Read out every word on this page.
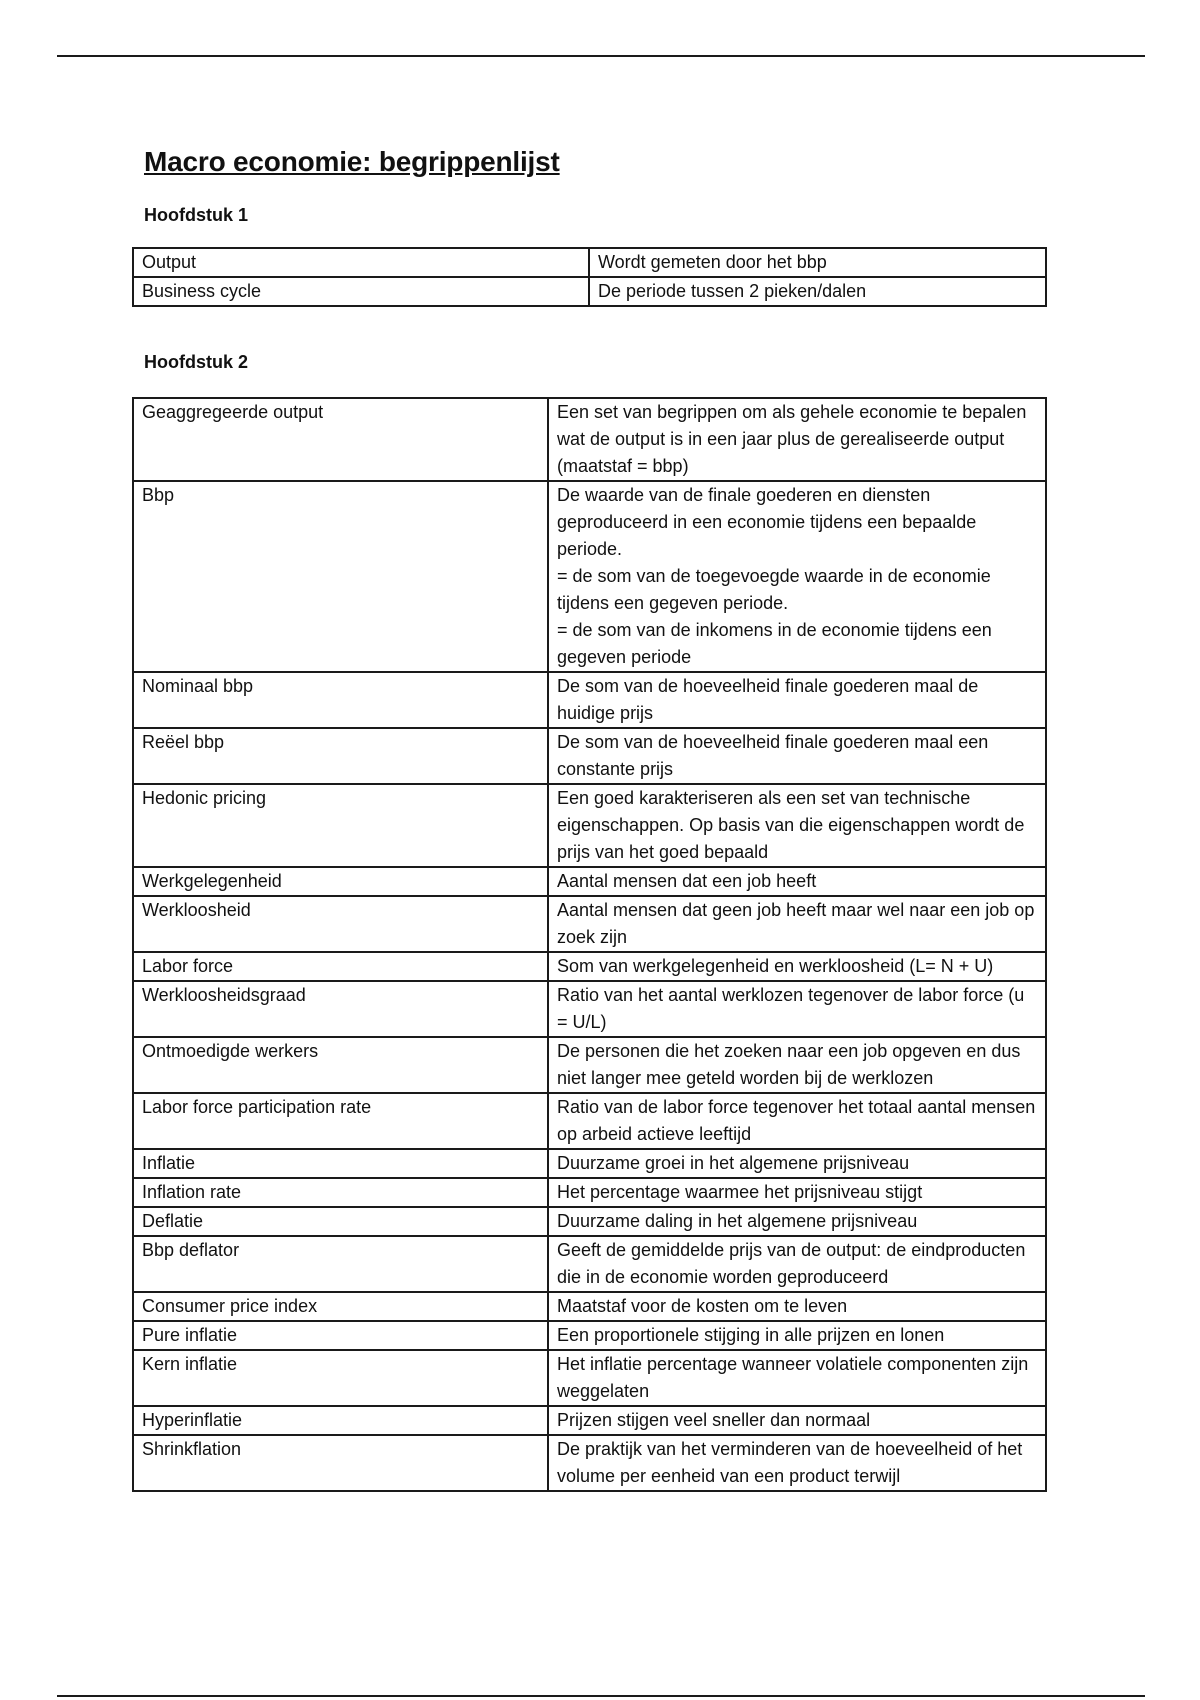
Macro economie: begrippenlijst
Hoofdstuk 1
Output	Wordt gemeten door het bbp
Business cycle	De periode tussen 2 pieken/dalen
Hoofdstuk 2
Geaggregeerde output	Een set van begrippen om als gehele economie te bepalen wat de output is in een jaar plus de gerealiseerde output (maatstaf = bbp)
Bbp	De waarde van de finale goederen en diensten geproduceerd in een economie tijdens een bepaalde periode.
= de som van de toegevoegde waarde in de economie tijdens een gegeven periode.
= de som van de inkomens in de economie tijdens een gegeven periode
Nominaal bbp	De som van de hoeveelheid finale goederen maal de huidige prijs
Reëel bbp	De som van de hoeveelheid finale goederen maal een constante prijs
Hedonic pricing	Een goed karakteriseren als een set van technische eigenschappen. Op basis van die eigenschappen wordt de prijs van het goed bepaald
Werkgelegenheid	Aantal mensen dat een job heeft
Werkloosheid	Aantal mensen dat geen job heeft maar wel naar een job op zoek zijn
Labor force	Som van werkgelegenheid en werkloosheid (L= N + U)
Werkloosheidsgraad	Ratio van het aantal werklozen tegenover de labor force (u = U/L)
Ontmoedigde werkers	De personen die het zoeken naar een job opgeven en dus niet langer mee geteld worden bij de werklozen
Labor force participation rate	Ratio van de labor force tegenover het totaal aantal mensen op arbeid actieve leeftijd
Inflatie	Duurzame groei in het algemene prijsniveau
Inflation rate	Het percentage waarmee het prijsniveau stijgt
Deflatie	Duurzame daling in het algemene prijsniveau
Bbp deflator	Geeft de gemiddelde prijs van de output: de eindproducten die in de economie worden geproduceerd
Consumer price index	Maatstaf voor de kosten om te leven
Pure inflatie	Een proportionele stijging in alle prijzen en lonen
Kern inflatie	Het inflatie percentage wanneer volatiele componenten zijn weggelaten
Hyperinflatie	Prijzen stijgen veel sneller dan normaal
Shrinkflation	De praktijk van het verminderen van de hoeveelheid of het volume per eenheid van een product terwijl
